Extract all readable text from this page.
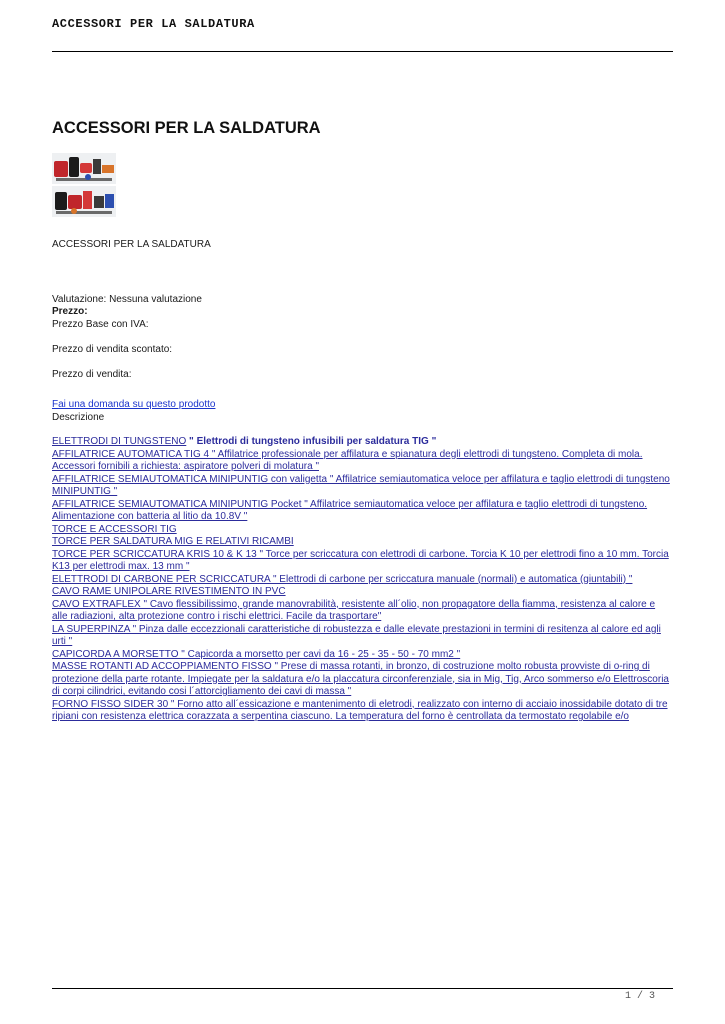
ACCESSORI PER LA SALDATURA
ACCESSORI PER LA SALDATURA

ACCESSORI PER LA SALDATURA

Valutazione: Nessuna valutazione

Prezzo:

Prezzo Base con IVA:

Prezzo di vendita scontato:

Prezzo di vendita:

Fai una domanda su questo prodotto

Descrizione

ELETTRODI DI TUNGSTENO " Elettrodi di tungsteno infusibili per saldatura TIG "

AFFILATRICE AUTOMATICA TIG 4 " Affilatrice professionale per affilatura e spianatura degli elettrodi di tungsteno. Completa di mola. Accessori fornibili a richiesta: aspiratore polveri di molatura "

AFFILATRICE SEMIAUTOMATICA MINIPUNTIG con valigetta " Affilatrice semiautomatica veloce per affilatura e taglio elettrodi di tungsteno MINIPUNTIG "

AFFILATRICE SEMIAUTOMATICA MINIPUNTIG Pocket " Affilatrice semiautomatica veloce per affilatura e taglio elettrodi di tungsteno. Alimentazione con batteria al litio da 10.8V "

TORCE E ACCESSORI TIG

TORCE PER SALDATURA MIG E RELATIVI RICAMBI

TORCE PER SCRICCATURA KRIS 10 & K 13 " Torce per scriccatura con elettrodi di carbone. Torcia K 10 per elettrodi fino a 10 mm. Torcia K13 per elettrodi max. 13 mm "

ELETTRODI DI CARBONE PER SCRICCATURA " Elettrodi di carbone per scriccatura manuale (normali) e automatica (giuntabili) "

CAVO RAME UNIPOLARE RIVESTIMENTO IN PVC

CAVO EXTRAFLEX " Cavo flessibilissimo, grande manovrabilità, resistente all´olio, non propagatore della fiamma, resistenza al calore e alle radiazioni, alta protezione contro i rischi elettrici. Facile da trasportare"

LA SUPERPINZA " Pinza dalle eccezzionali caratteristiche di robustezza e dalle elevate prestazioni in termini di resitenza al calore ed agli urti "

CAPICORDA A MORSETTO " Capicorda a morsetto per cavi da 16 - 25 - 35 - 50 - 70 mm2 "

MASSE ROTANTI AD ACCOPPIAMENTO FISSO " Prese di massa rotanti, in bronzo, di costruzione molto robusta provviste di o-ring di protezione della parte rotante. Impiegate per la saldatura e/o la placcatura circonferenziale, sia in Mig, Tig, Arco sommerso e/o Elettroscoria di corpi cilindrici, evitando cosi l´attorcigliamento dei cavi di massa "

FORNO FISSO SIDER 30 " Forno atto all´essicazione e mantenimento di eletrodi, realizzato con interno di acciaio inossidabile dotato di tre ripiani con resistenza elettrica corazzata a serpentina ciascuno. La temperatura del forno è centrollata da termostato regolabile e/o

1 / 3
